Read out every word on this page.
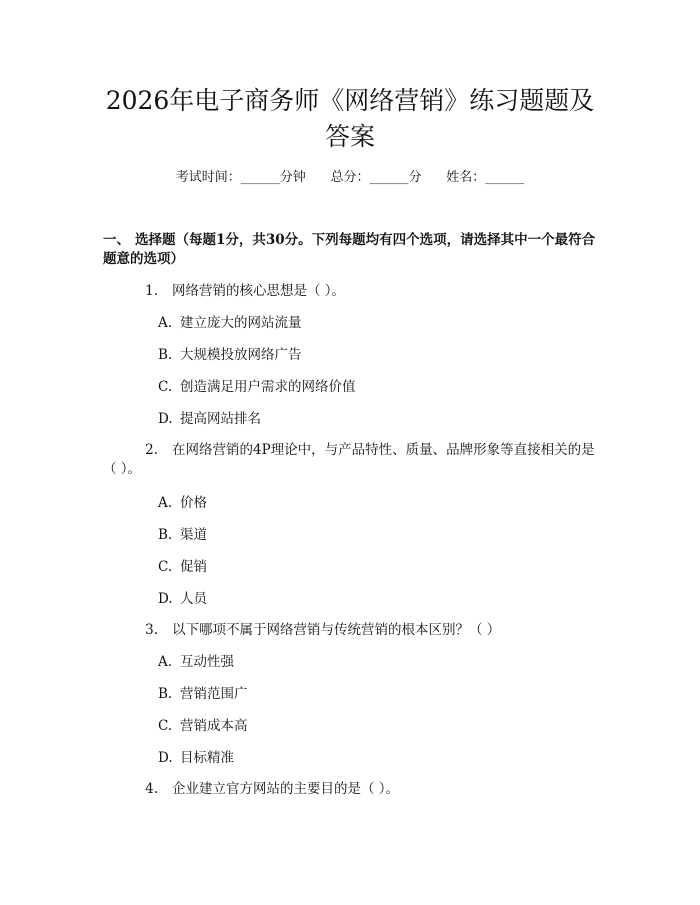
2026年电子商务师《网络营销》练习题题及
答案
考试时间：______分钟      总分：______分      姓名：______
一、 选择题（每题1分，共30分。下列每题均有四个选项，请选择其中一个最符合题意的选项）
1. 网络营销的核心思想是（ ）。
A. 建立庞大的网站流量
B. 大规模投放网络广告
C. 创造满足用户需求的网络价值
D. 提高网站排名
2. 在网络营销的4P理论中，与产品特性、质量、品牌形象等直接相关的是（ ）。
A. 价格
B. 渠道
C. 促销
D. 人员
3. 以下哪项不属于网络营销与传统营销的根本区别？（ ）
A. 互动性强
B. 营销范围广
C. 营销成本高
D. 目标精准
4. 企业建立官方网站的主要目的是（ ）。
